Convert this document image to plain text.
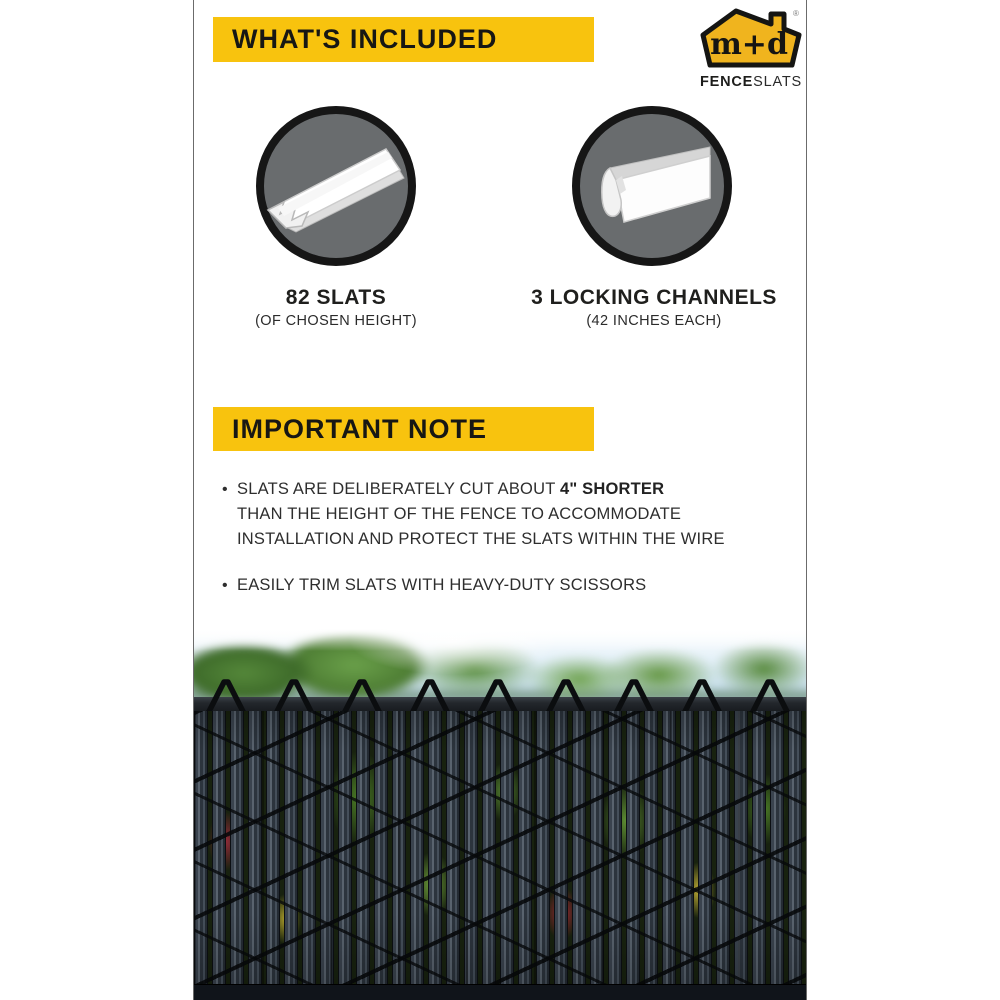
WHAT'S INCLUDED	m+d
®
FENCESLATS
82 SLATS
(OF CHOSEN HEIGHT)
3 LOCKING CHANNELS
(42 INCHES EACH)
IMPORTANT NOTE
• SLATS ARE DELIBERATELY CUT ABOUT 4" SHORTER
THAN THE HEIGHT OF THE FENCE TO ACCOMMODATE
INSTALLATION AND PROTECT THE SLATS WITHIN THE WIRE
• EASILY TRIM SLATS WITH HEAVY-DUTY SCISSORS
